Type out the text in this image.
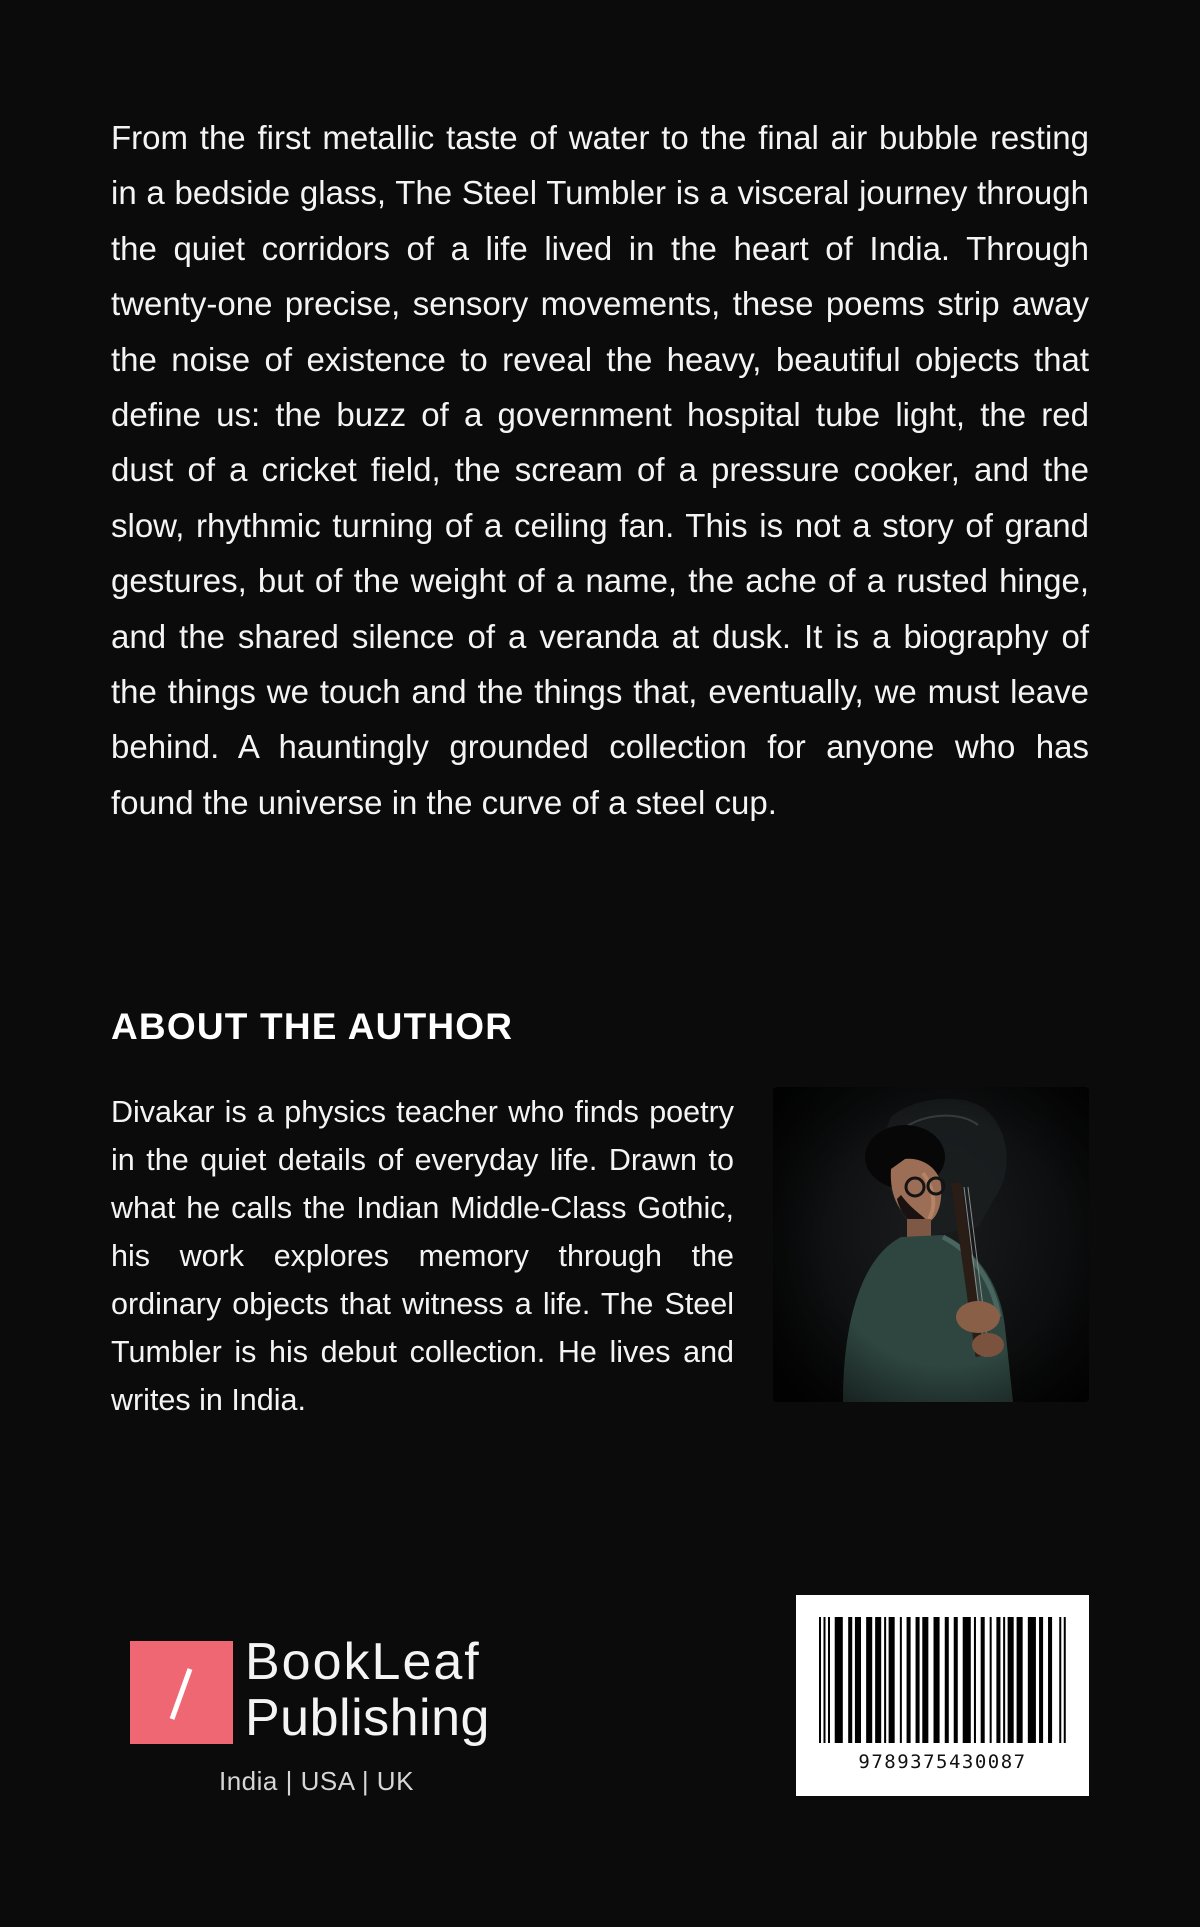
From the first metallic taste of water to the final air bubble resting in a bedside glass, The Steel Tumbler is a visceral journey through the quiet corridors of a life lived in the heart of India. Through twenty-one precise, sensory movements, these poems strip away the noise of existence to reveal the heavy, beautiful objects that define us: the buzz of a government hospital tube light, the red dust of a cricket field, the scream of a pressure cooker, and the slow, rhythmic turning of a ceiling fan. This is not a story of grand gestures, but of the weight of a name, the ache of a rusted hinge, and the shared silence of a veranda at dusk. It is a biography of the things we touch and the things that, eventually, we must leave behind. A hauntingly grounded collection for anyone who has found the universe in the curve of a steel cup.

ABOUT THE AUTHOR

Divakar is a physics teacher who finds poetry in the quiet details of everyday life. Drawn to what he calls the Indian Middle-Class Gothic, his work explores memory through the ordinary objects that witness a life. The Steel Tumbler is his debut collection. He lives and writes in India.

BookLeaf
Publishing
India | USA | UK
9789375430087
